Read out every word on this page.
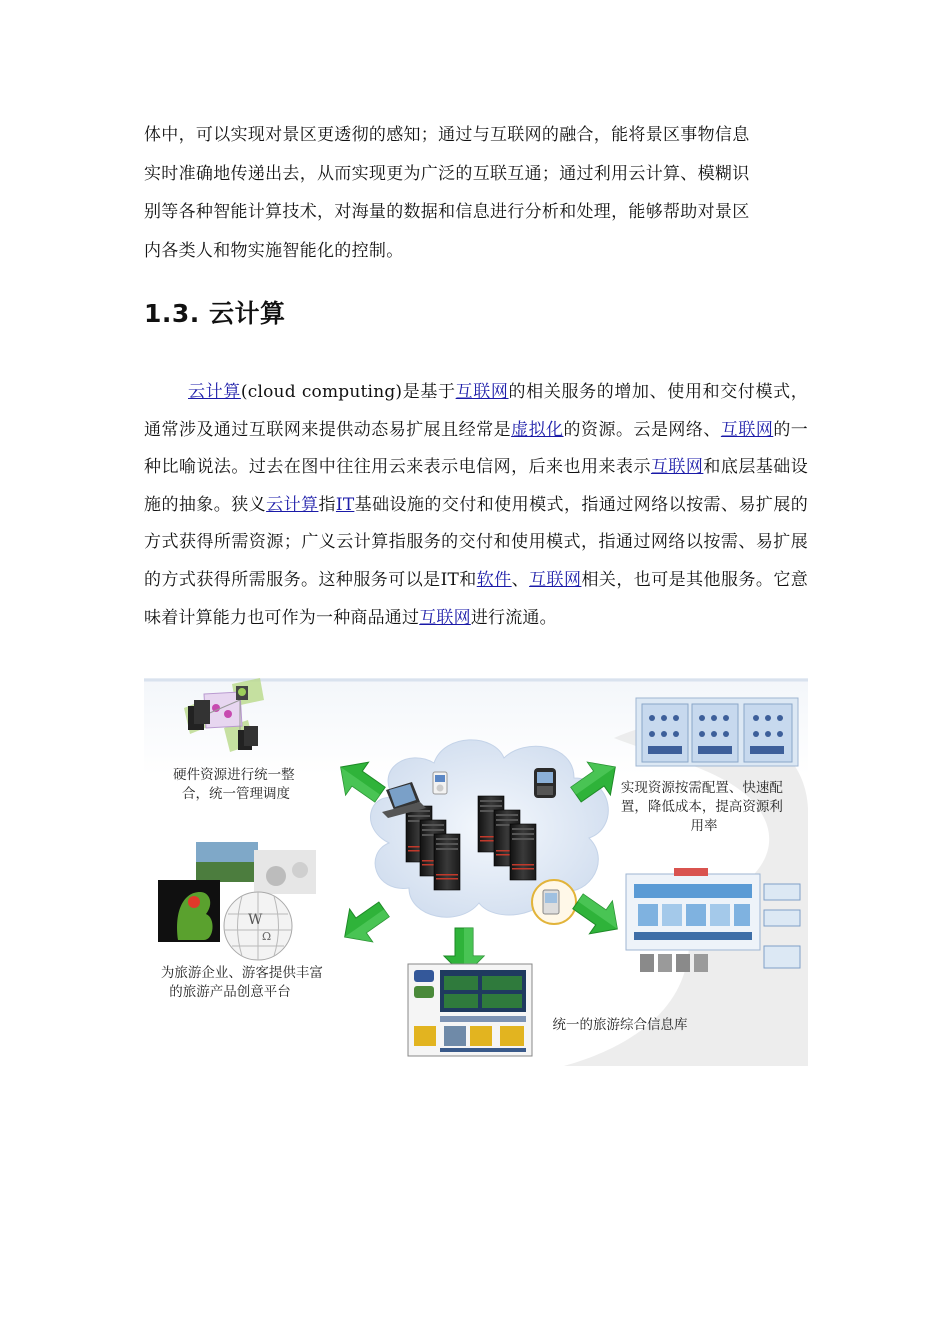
体中，可以实现对景区更透彻的感知；通过与互联网的融合，能将景区事物信息
实时准确地传递出去，从而实现更为广泛的互联互通；通过利用云计算、模糊识
别等各种智能计算技术，对海量的数据和信息进行分析和处理，能够帮助对景区
内各类人和物实施智能化的控制。
1.3. 云计算

云计算(cloud computing)是基于互联网的相关服务的增加、使用和交付模式，通常涉及通过互联网来提供动态易扩展且经常是虚拟化的资源。云是网络、互联网的一种比喻说法。过去在图中往往用云来表示电信网，后来也用来表示互联网和底层基础设施的抽象。狭义云计算指IT基础设施的交付和使用模式，指通过网络以按需、易扩展的方式获得所需资源；广义云计算指服务的交付和使用模式，指通过网络以按需、易扩展的方式获得所需服务。这种服务可以是IT和软件、互联网相关，也可是其他服务。它意味着计算能力也可作为一种商品通过互联网进行流通。

硬件资源进行统一整 合，统一管理调度	实现资源按需配置、快速配 置，降低成本，提高资源利 用率
W
Ω
为旅游企业、游客提供丰富 的旅游产品创意平台
统一的旅游综合信息库
